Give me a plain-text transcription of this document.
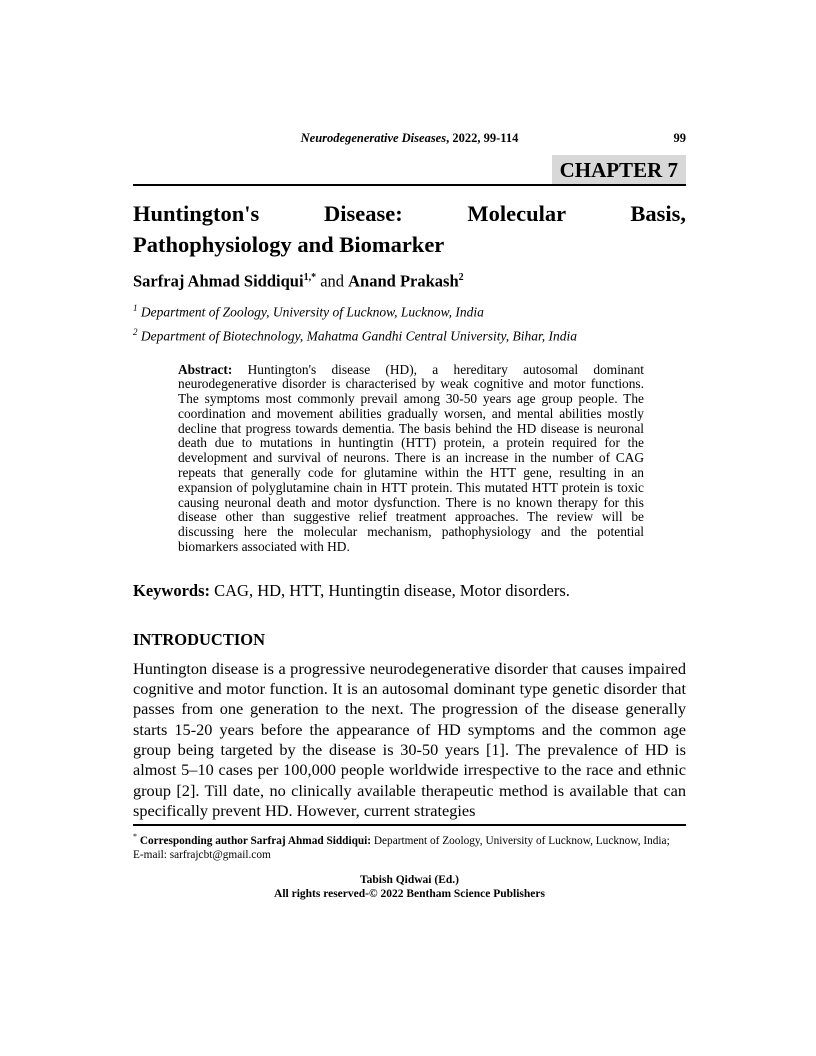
Neurodegenerative Diseases, 2022, 99-114	99
CHAPTER 7
Huntington's Disease: Molecular Basis,
Pathophysiology and Biomarker
Sarfraj Ahmad Siddiqui$^{1,*}$ and Anand Prakash$^2$
$^1$ Department of Zoology, University of Lucknow, Lucknow, India
$^2$ Department of Biotechnology, Mahatma Gandhi Central University, Bihar, India

Abstract: Huntington's disease (HD), a hereditary autosomal dominant neurodegenerative disorder is characterised by weak cognitive and motor functions. The symptoms most commonly prevail among 30-50 years age group people. The coordination and movement abilities gradually worsen, and mental abilities mostly decline that progress towards dementia. The basis behind the HD disease is neuronal death due to mutations in huntingtin (HTT) protein, a protein required for the development and survival of neurons. There is an increase in the number of CAG repeats that generally code for glutamine within the HTT gene, resulting in an expansion of polyglutamine chain in HTT protein. This mutated HTT protein is toxic causing neuronal death and motor dysfunction. There is no known therapy for this disease other than suggestive relief treatment approaches. The review will be discussing here the molecular mechanism, pathophysiology and the potential biomarkers associated with HD.

Keywords: CAG, HD, HTT, Huntingtin disease, Motor disorders.

INTRODUCTION

Huntington disease is a progressive neurodegenerative disorder that causes impaired cognitive and motor function. It is an autosomal dominant type genetic disorder that passes from one generation to the next. The progression of the disease generally starts 15-20 years before the appearance of HD symptoms and the common age group being targeted by the disease is 30-50 years [1]. The prevalence of HD is almost 5–10 cases per 100,000 people worldwide irrespective to the race and ethnic group [2]. Till date, no clinically available therapeutic method is available that can specifically prevent HD. However, current strategies

* Corresponding author Sarfraj Ahmad Siddiqui: Department of Zoology, University of Lucknow, Lucknow, India;
E-mail: sarfrajcbt@gmail.com
Tabish Qidwai (Ed.)
All rights reserved-© 2022 Bentham Science Publishers
